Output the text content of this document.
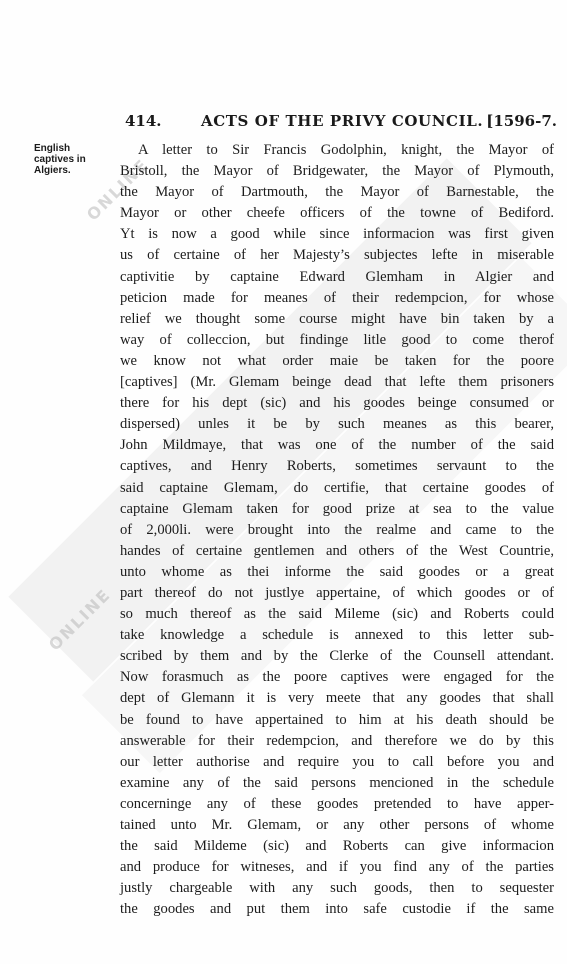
ONLINE
ONLINE
414.	ACTS OF THE PRIVY COUNCIL. [1596-7.
English
captives in
Algiers.
A letter to Sir Francis Godolphin, knight, the Mayor of
Bristoll, the Mayor of Bridgewater, the Mayor of Plymouth,
the Mayor of Dartmouth, the Mayor of Barnestable, the
Mayor or other cheefe officers of the towne of Bediford.
Yt is now a good while since informacion was first given
us of certaine of her Majesty’s subjectes lefte in miserable
captivitie by captaine Edward Glemham in Algier and
peticion made for meanes of their redempcion, for whose
relief we thought some course might have bin taken by a
way of colleccion, but findinge litle good to come therof
we know not what order maie be taken for the poore
[captives] (Mr. Glemam beinge dead that lefte them prisoners
there for his dept (sic) and his goodes beinge consumed or
dispersed) unles it be by such meanes as this bearer,
John Mildmaye, that was one of the number of the said
captives, and Henry Roberts, sometimes servaunt to the
said captaine Glemam, do certifie, that certaine goodes of
captaine Glemam taken for good prize at sea to the value
of 2,000li. were brought into the realme and came to the
handes of certaine gentlemen and others of the West Countrie,
unto whome as thei informe the said goodes or a great
part thereof do not justlye appertaine, of which goodes or of
so much thereof as the said Mileme (sic) and Roberts could
take knowledge a schedule is annexed to this letter sub-
scribed by them and by the Clerke of the Counsell attendant.
Now forasmuch as the poore captives were engaged for the
dept of Glemann it is very meete that any goodes that shall
be found to have appertained to him at his death should be
answerable for their redempcion, and therefore we do by this
our letter authorise and require you to call before you and
examine any of the said persons mencioned in the schedule
concerninge any of these goodes pretended to have apper-
tained unto Mr. Glemam, or any other persons of whome
the said Mildeme (sic) and Roberts can give informacion
and produce for witneses, and if you find any of the parties
justly chargeable with any such goods, then to sequester
the goodes and put them into safe custodie if the same
